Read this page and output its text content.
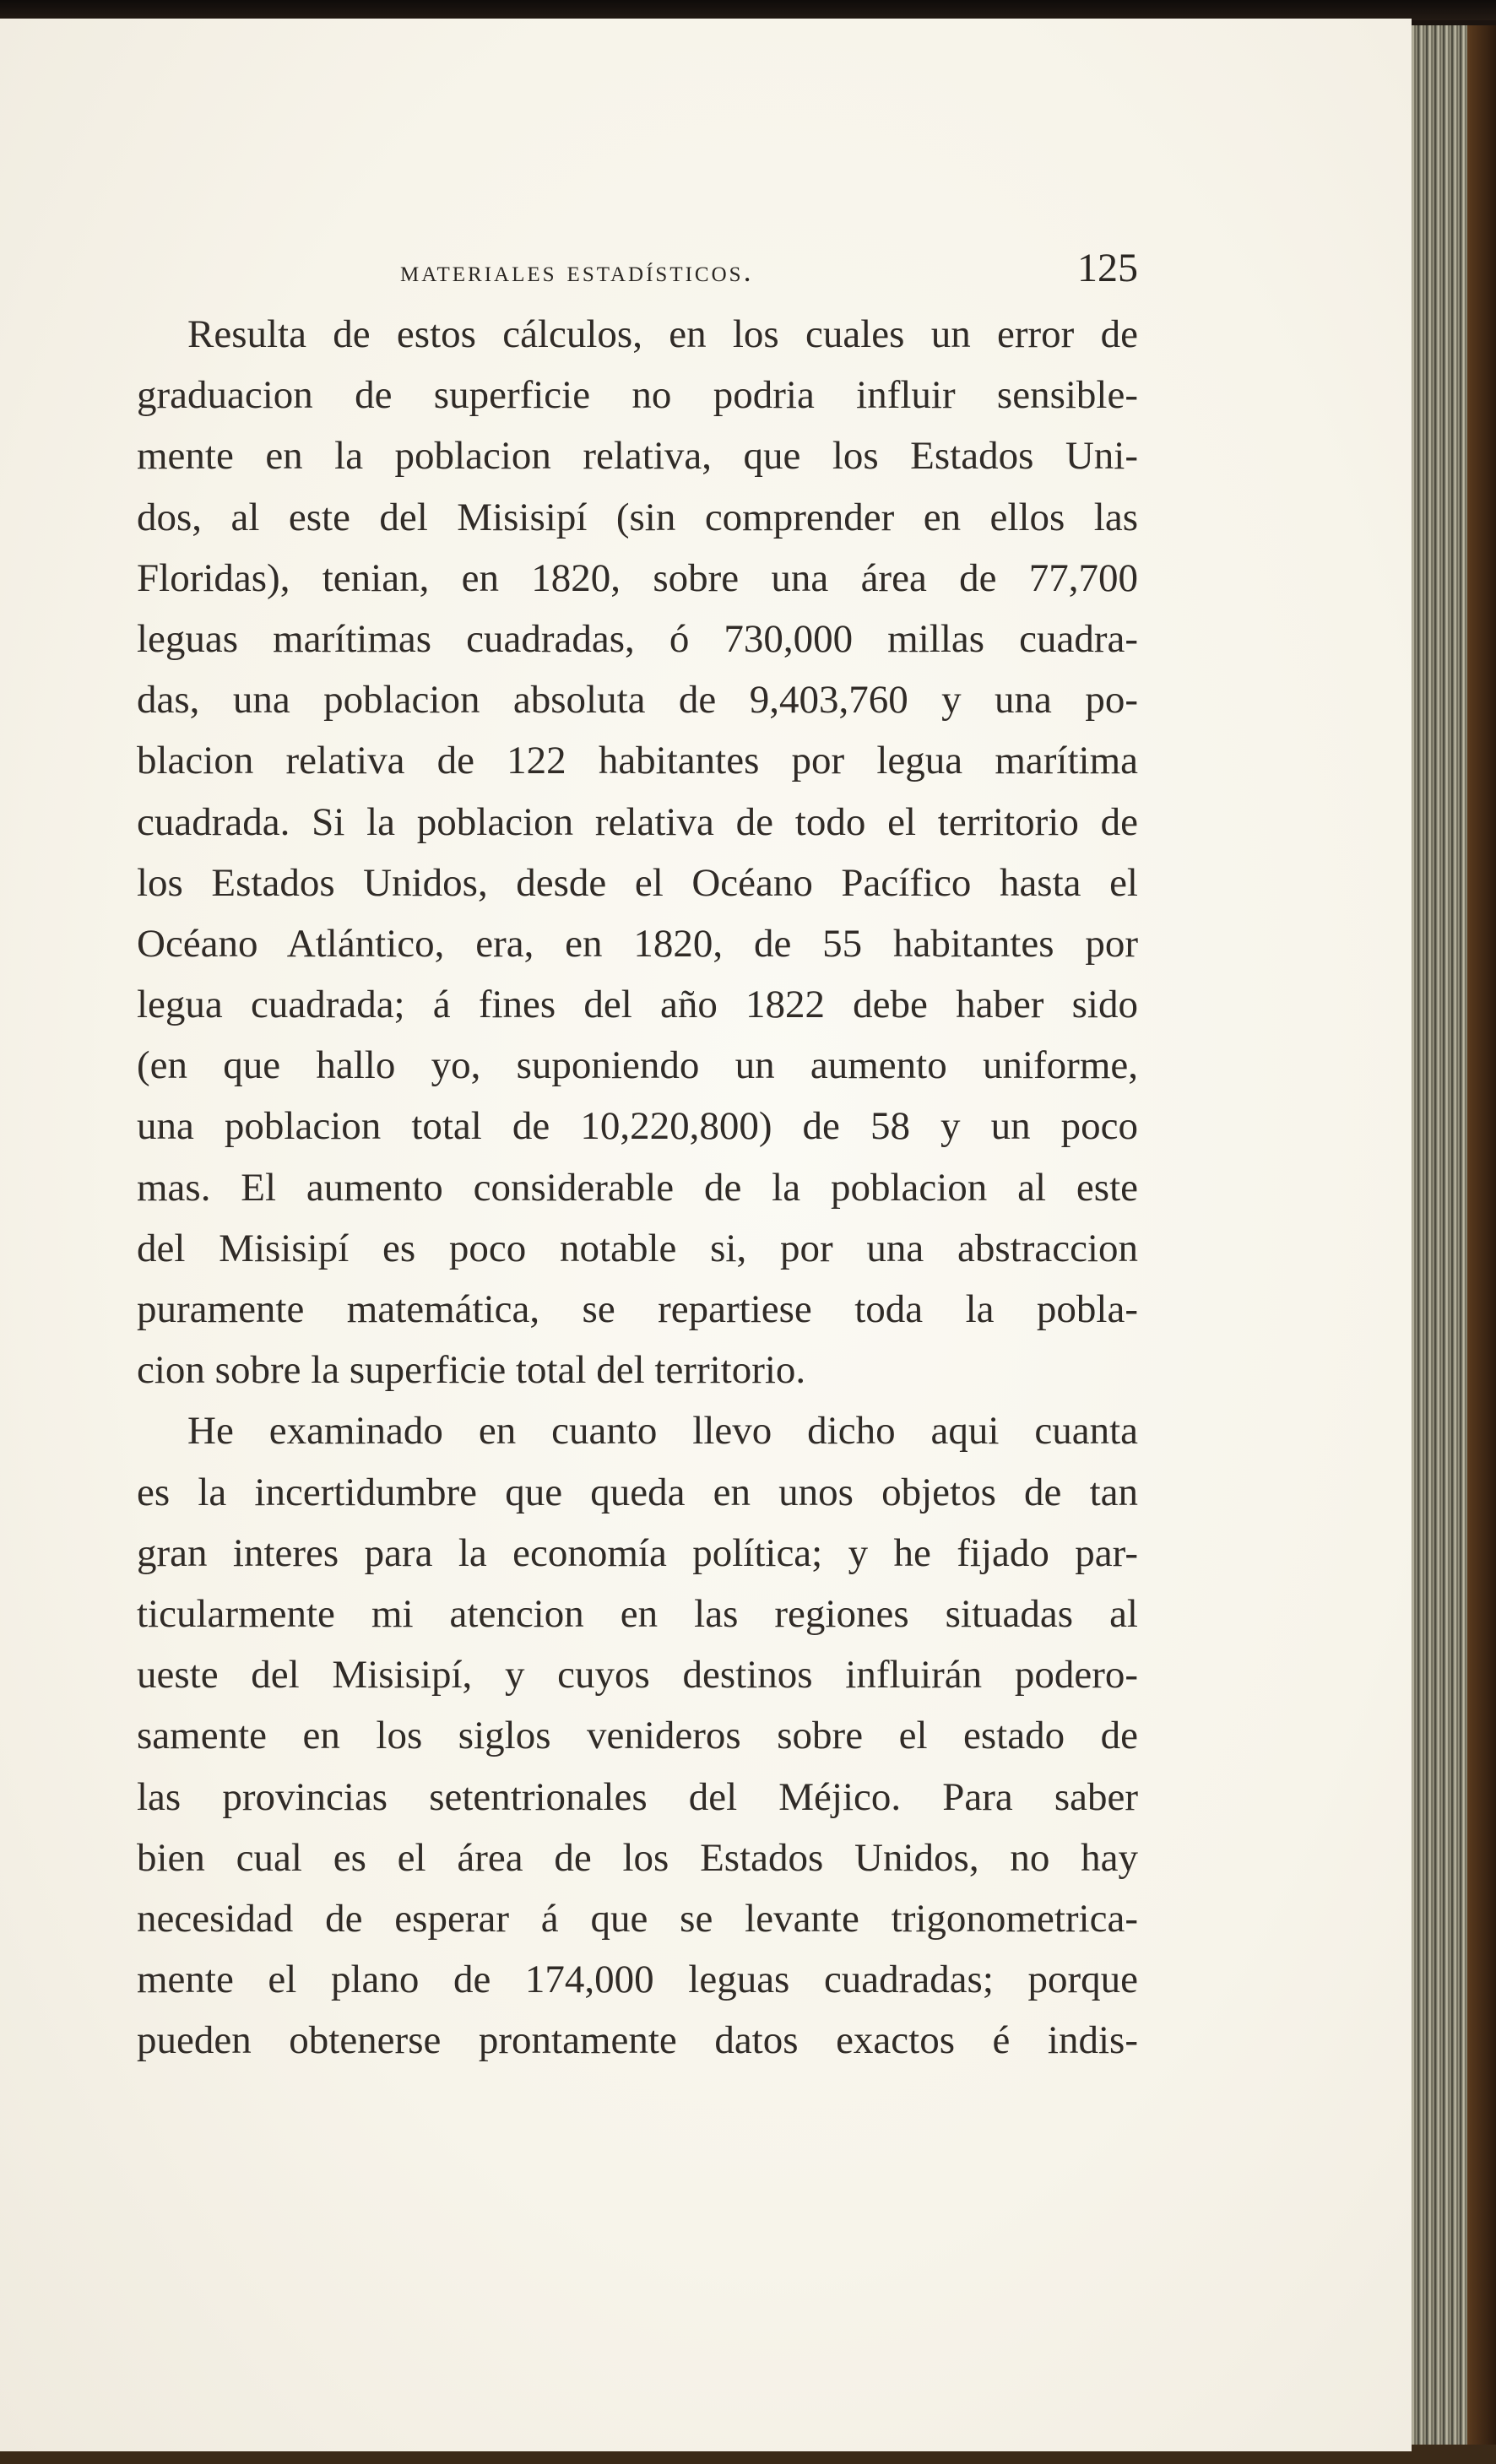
materiales estadísticos.	125
Resulta de estos cálculos, en los cuales un error de
graduacion de superficie no podria influir sensible-
mente en la poblacion relativa, que los Estados Uni-
dos, al este del Misisipí (sin comprender en ellos las
Floridas), tenian, en 1820, sobre una área de 77,700
leguas marítimas cuadradas, ó 730,000 millas cuadra-
das, una poblacion absoluta de 9,403,760 y una po-
blacion relativa de 122 habitantes por legua marítima
cuadrada. Si la poblacion relativa de todo el territorio de
los Estados Unidos, desde el Océano Pacífico hasta el
Océano Atlántico, era, en 1820, de 55 habitantes por
legua cuadrada; á fines del año 1822 debe haber sido
(en que hallo yo, suponiendo un aumento uniforme,
una poblacion total de 10,220,800) de 58 y un poco
mas. El aumento considerable de la poblacion al este
del Misisipí es poco notable si, por una abstraccion
puramente matemática, se repartiese toda la pobla-
cion sobre la superficie total del territorio.
He examinado en cuanto llevo dicho aqui cuanta
es la incertidumbre que queda en unos objetos de tan
gran interes para la economía política; y he fijado par-
ticularmente mi atencion en las regiones situadas al
ueste del Misisipí, y cuyos destinos influirán podero-
samente en los siglos venideros sobre el estado de
las provincias setentrionales del Méjico. Para saber
bien cual es el área de los Estados Unidos, no hay
necesidad de esperar á que se levante trigonometrica-
mente el plano de 174,000 leguas cuadradas; porque
pueden obtenerse prontamente datos exactos é indis-
